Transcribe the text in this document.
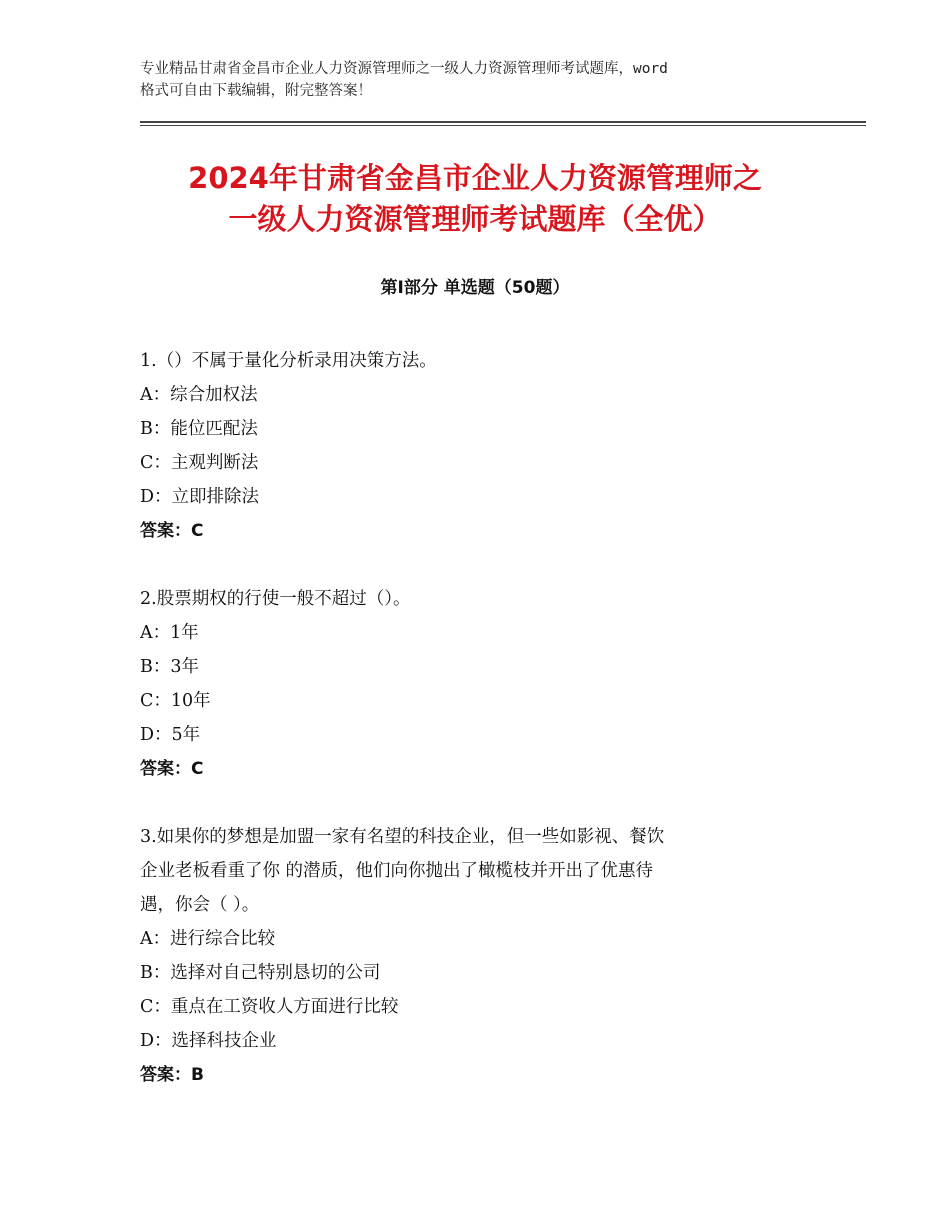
专业精品甘肃省金昌市企业人力资源管理师之一级人力资源管理师考试题库，word
格式可自由下载编辑，附完整答案！
2024年甘肃省金昌市企业人力资源管理师之
一级人力资源管理师考试题库（全优）
第Ⅰ部分 单选题（50题）
1.（）不属于量化分析录用决策方法。
A：综合加权法
B：能位匹配法
C：主观判断法
D：立即排除法
答案：C
2.股票期权的行使一般不超过（）。
A：1年
B：3年
C：10年
D：5年
答案：C
3.如果你的梦想是加盟一家有名望的科技企业，但一些如影视、餐饮
企业老板看重了你 的潜质，他们向你抛出了橄榄枝并开出了优惠待
遇，你会（ ）。
A：进行综合比较
B：选择对自己特别恳切的公司
C：重点在工资收人方面进行比较
D：选择科技企业
答案：B
